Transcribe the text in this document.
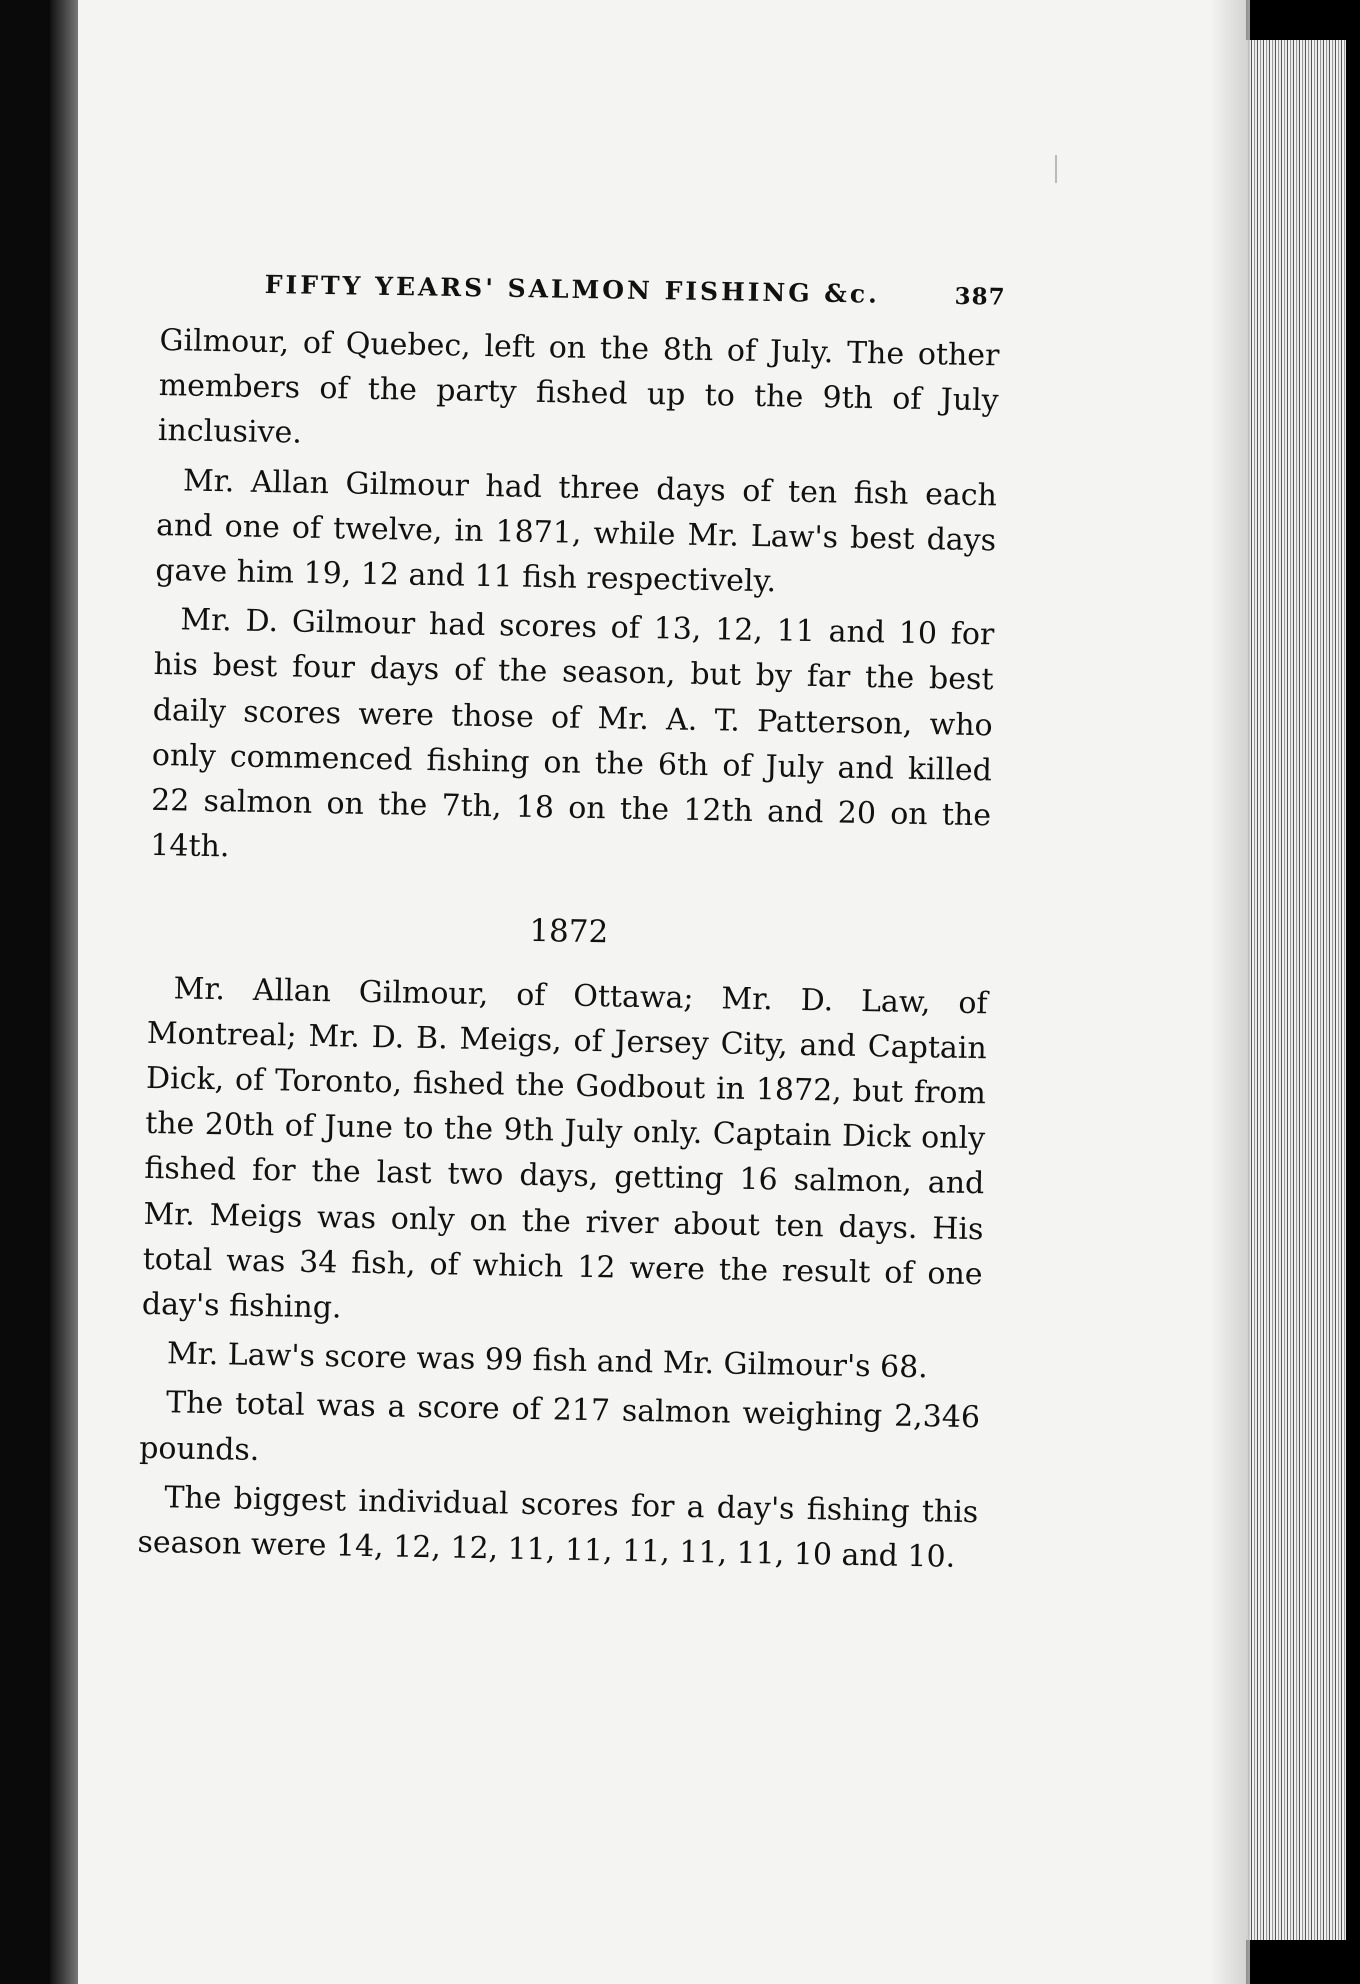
FIFTY YEARS' SALMON FISHING &c.	387

Gilmour, of Quebec, left on the 8th of July. The other members of the party fished up to the 9th of July inclusive.

Mr. Allan Gilmour had three days of ten fish each and one of twelve, in 1871, while Mr. Law's best days gave him 19, 12 and 11 fish respectively.

Mr. D. Gilmour had scores of 13, 12, 11 and 10 for his best four days of the season, but by far the best daily scores were those of Mr. A. T. Patterson, who only commenced fishing on the 6th of July and killed 22 salmon on the 7th, 18 on the 12th and 20 on the 14th.

1872

Mr. Allan Gilmour, of Ottawa; Mr. D. Law, of Montreal; Mr. D. B. Meigs, of Jersey City, and Captain Dick, of Toronto, fished the Godbout in 1872, but from the 20th of June to the 9th July only. Captain Dick only fished for the last two days, getting 16 salmon, and Mr. Meigs was only on the river about ten days. His total was 34 fish, of which 12 were the result of one day's fishing.

Mr. Law's score was 99 fish and Mr. Gilmour's 68.

The total was a score of 217 salmon weighing 2,346 pounds.

The biggest individual scores for a day's fishing this season were 14, 12, 12, 11, 11, 11, 11, 11, 10 and 10.
